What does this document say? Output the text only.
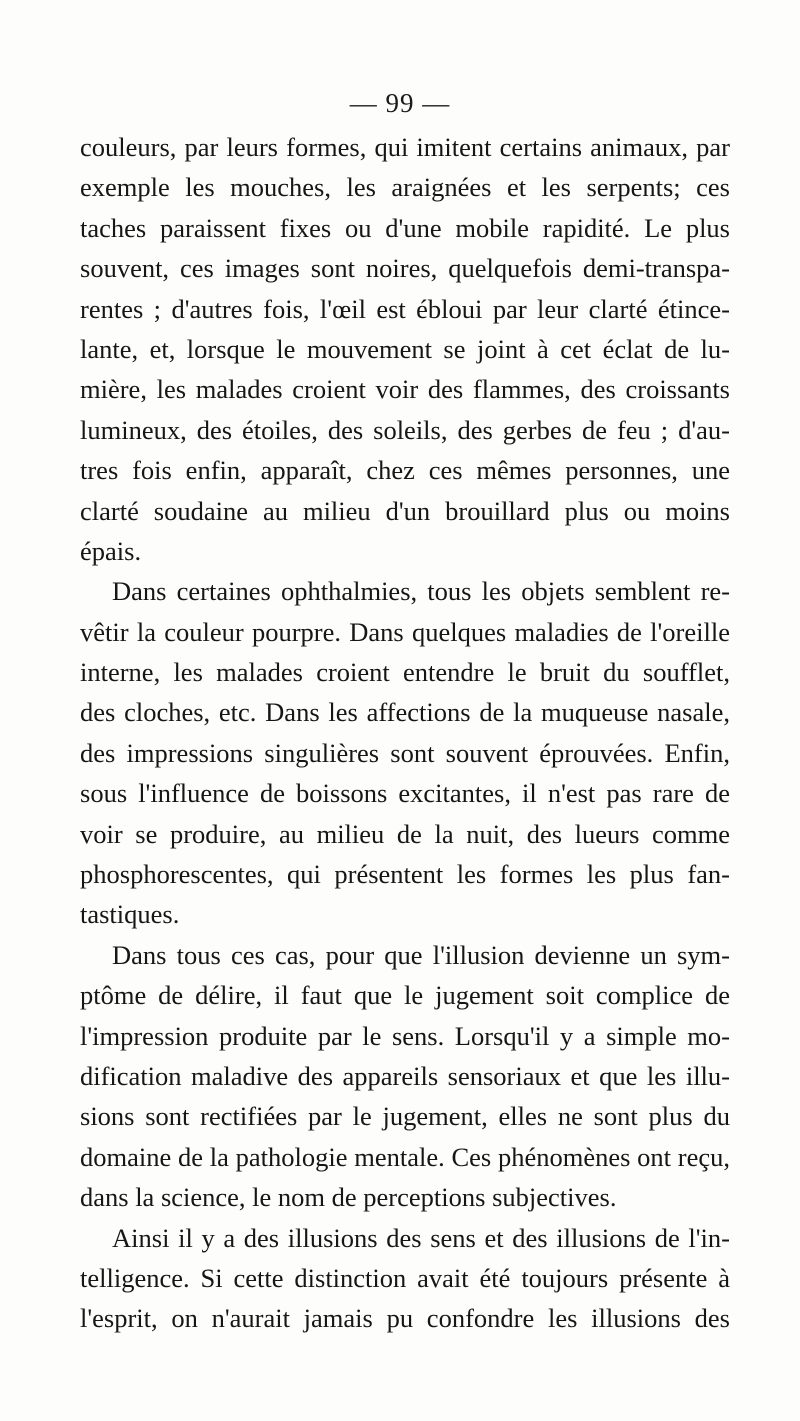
— 99 —
couleurs, par leurs formes, qui imitent certains animaux, par
exemple les mouches, les araignées et les serpents; ces
taches paraissent fixes ou d'une mobile rapidité. Le plus
souvent, ces images sont noires, quelquefois demi-transpa-
rentes ; d'autres fois, l'œil est ébloui par leur clarté étince-
lante, et, lorsque le mouvement se joint à cet éclat de lu-
mière, les malades croient voir des flammes, des croissants
lumineux, des étoiles, des soleils, des gerbes de feu ; d'au-
tres fois enfin, apparaît, chez ces mêmes personnes, une
clarté soudaine au milieu d'un brouillard plus ou moins
épais.
Dans certaines ophthalmies, tous les objets semblent re-
vêtir la couleur pourpre. Dans quelques maladies de l'oreille
interne, les malades croient entendre le bruit du soufflet,
des cloches, etc. Dans les affections de la muqueuse nasale,
des impressions singulières sont souvent éprouvées. Enfin,
sous l'influence de boissons excitantes, il n'est pas rare de
voir se produire, au milieu de la nuit, des lueurs comme
phosphorescentes, qui présentent les formes les plus fan-
tastiques.
Dans tous ces cas, pour que l'illusion devienne un sym-
ptôme de délire, il faut que le jugement soit complice de
l'impression produite par le sens. Lorsqu'il y a simple mo-
dification maladive des appareils sensoriaux et que les illu-
sions sont rectifiées par le jugement, elles ne sont plus du
domaine de la pathologie mentale. Ces phénomènes ont reçu,
dans la science, le nom de perceptions subjectives.
Ainsi il y a des illusions des sens et des illusions de l'in-
telligence. Si cette distinction avait été toujours présente à
l'esprit, on n'aurait jamais pu confondre les illusions des
